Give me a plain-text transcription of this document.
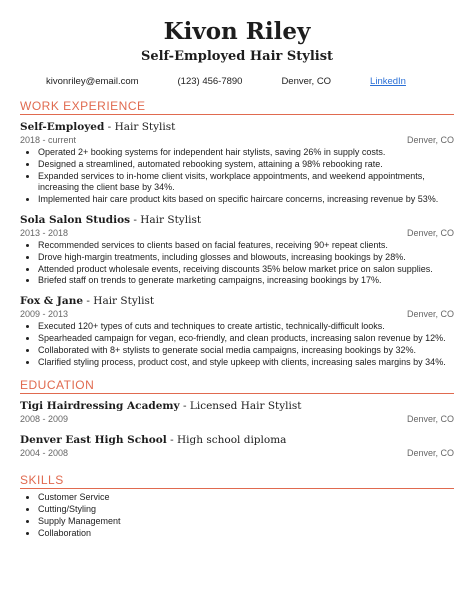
Kivon Riley
Self-Employed Hair Stylist
kivonriley@email.com	(123) 456-7890	Denver, CO	LinkedIn
WORK EXPERIENCE
Self-Employed - Hair Stylist
2018 - current	Denver, CO
• Operated 2+ booking systems for independent hair stylists, saving 26% in supply costs.
• Designed a streamlined, automated rebooking system, attaining a 98% rebooking rate.
• Expanded services to in-home client visits, workplace appointments, and weekend appointments, increasing the client base by 34%.
• Implemented hair care product kits based on specific haircare concerns, increasing revenue by 53%.
Sola Salon Studios - Hair Stylist
2013 - 2018	Denver, CO
• Recommended services to clients based on facial features, receiving 90+ repeat clients.
• Drove high-margin treatments, including glosses and blowouts, increasing bookings by 28%.
• Attended product wholesale events, receiving discounts 35% below market price on salon supplies.
• Briefed staff on trends to generate marketing campaigns, increasing bookings by 17%.
Fox & Jane - Hair Stylist
2009 - 2013	Denver, CO
• Executed 120+ types of cuts and techniques to create artistic, technically-difficult looks.
• Spearheaded campaign for vegan, eco-friendly, and clean products, increasing salon revenue by 12%.
• Collaborated with 8+ stylists to generate social media campaigns, increasing bookings by 32%.
• Clarified styling process, product cost, and style upkeep with clients, increasing sales margins by 34%.
EDUCATION
Tigi Hairdressing Academy - Licensed Hair Stylist
2008 - 2009	Denver, CO
Denver East High School - High school diploma
2004 - 2008	Denver, CO
SKILLS
• Customer Service
• Cutting/Styling
• Supply Management
• Collaboration
